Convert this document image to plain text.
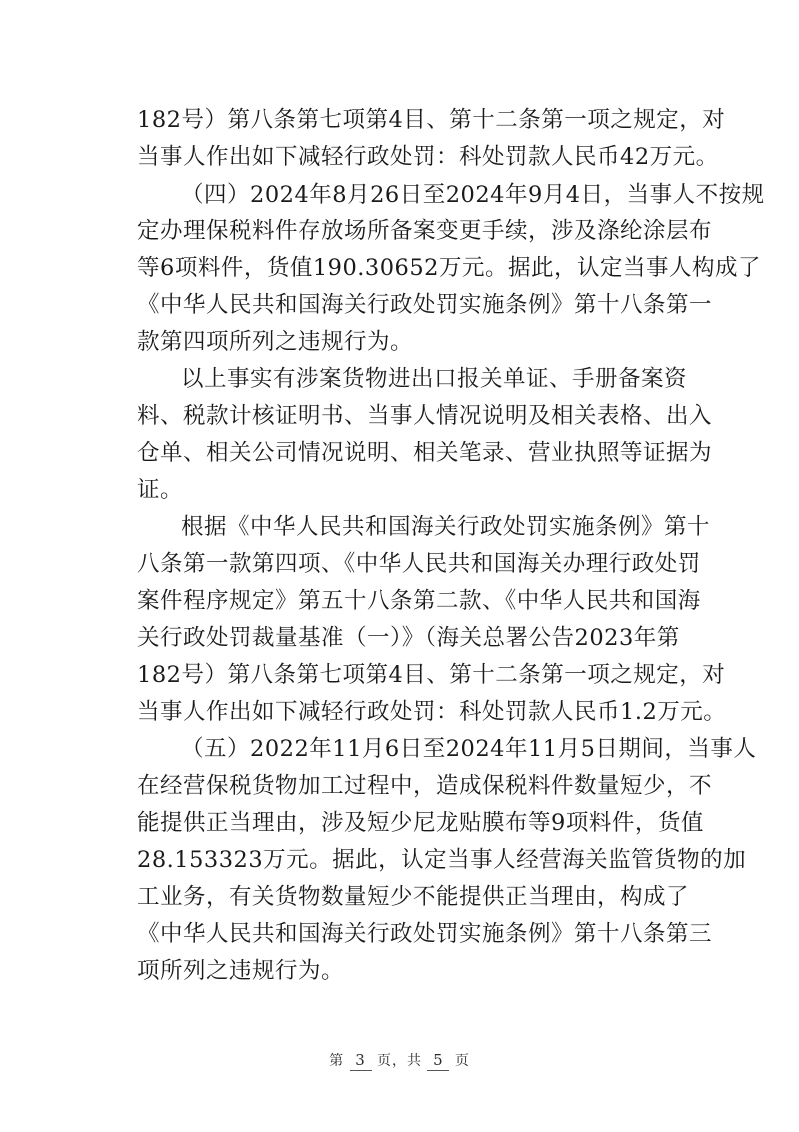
182号）第八条第七项第4目、第十二条第一项之规定，对
当事人作出如下减轻行政处罚：科处罚款人民币42万元。
（四）2024年8月26日至2024年9月4日，当事人不按规
定办理保税料件存放场所备案变更手续，涉及涤纶涂层布
等6项料件，货值190.30652万元。据此，认定当事人构成了
《中华人民共和国海关行政处罚实施条例》第十八条第一
款第四项所列之违规行为。
以上事实有涉案货物进出口报关单证、手册备案资
料、税款计核证明书、当事人情况说明及相关表格、出入
仓单、相关公司情况说明、相关笔录、营业执照等证据为
证。
根据《中华人民共和国海关行政处罚实施条例》第十
八条第一款第四项、《中华人民共和国海关办理行政处罚
案件程序规定》第五十八条第二款、《中华人民共和国海
关行政处罚裁量基准（一）》（海关总署公告2023年第
182号）第八条第七项第4目、第十二条第一项之规定，对
当事人作出如下减轻行政处罚：科处罚款人民币1.2万元。
（五）2022年11月6日至2024年11月5日期间，当事人
在经营保税货物加工过程中，造成保税料件数量短少，不
能提供正当理由，涉及短少尼龙贴膜布等9项料件，货值
28.153323万元。据此，认定当事人经营海关监管货物的加
工业务，有关货物数量短少不能提供正当理由，构成了
《中华人民共和国海关行政处罚实施条例》第十八条第三
项所列之违规行为。
第 3 页，共 5 页
